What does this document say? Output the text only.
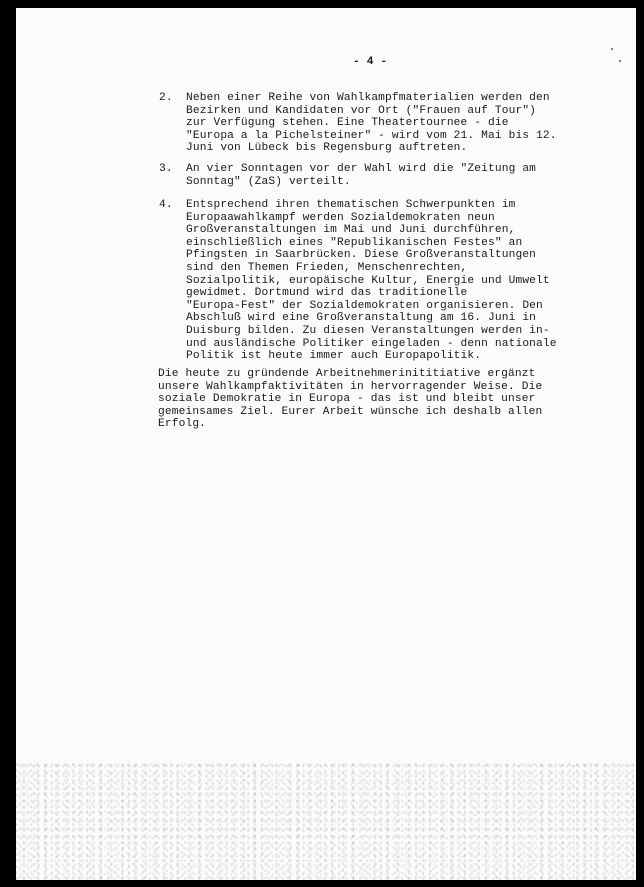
- 4 -
2. Neben einer Reihe von Wahlkampfmaterialien werden den
Bezirken und Kandidaten vor Ort ("Frauen auf Tour")
zur Verfügung stehen. Eine Theatertournee - die
"Europa a la Pichelsteiner" - wird vom 21. Mai bis 12.
Juni von Lübeck bis Regensburg auftreten.
3. An vier Sonntagen vor der Wahl wird die "Zeitung am
Sonntag" (ZaS) verteilt.
4. Entsprechend ihren thematischen Schwerpunkten im
Europaawahlkampf werden Sozialdemokraten neun
Großveranstaltungen im Mai und Juni durchführen,
einschließlich eines "Republikanischen Festes" an
Pfingsten in Saarbrücken. Diese Großveranstaltungen
sind den Themen Frieden, Menschenrechten,
Sozialpolitik, europäische Kultur, Energie und Umwelt
gewidmet. Dortmund wird das traditionelle
"Europa-Fest" der Sozialdemokraten organisieren. Den
Abschluß wird eine Großveranstaltung am 16. Juni in
Duisburg bilden. Zu diesen Veranstaltungen werden in-
und ausländische Politiker eingeladen - denn nationale
Politik ist heute immer auch Europapolitik.
Die heute zu gründende Arbeitnehmerinititiative ergänzt
unsere Wahlkampfaktivitäten in hervorragender Weise. Die
soziale Demokratie in Europa - das ist und bleibt unser
gemeinsames Ziel. Eurer Arbeit wünsche ich deshalb allen
Erfolg.
